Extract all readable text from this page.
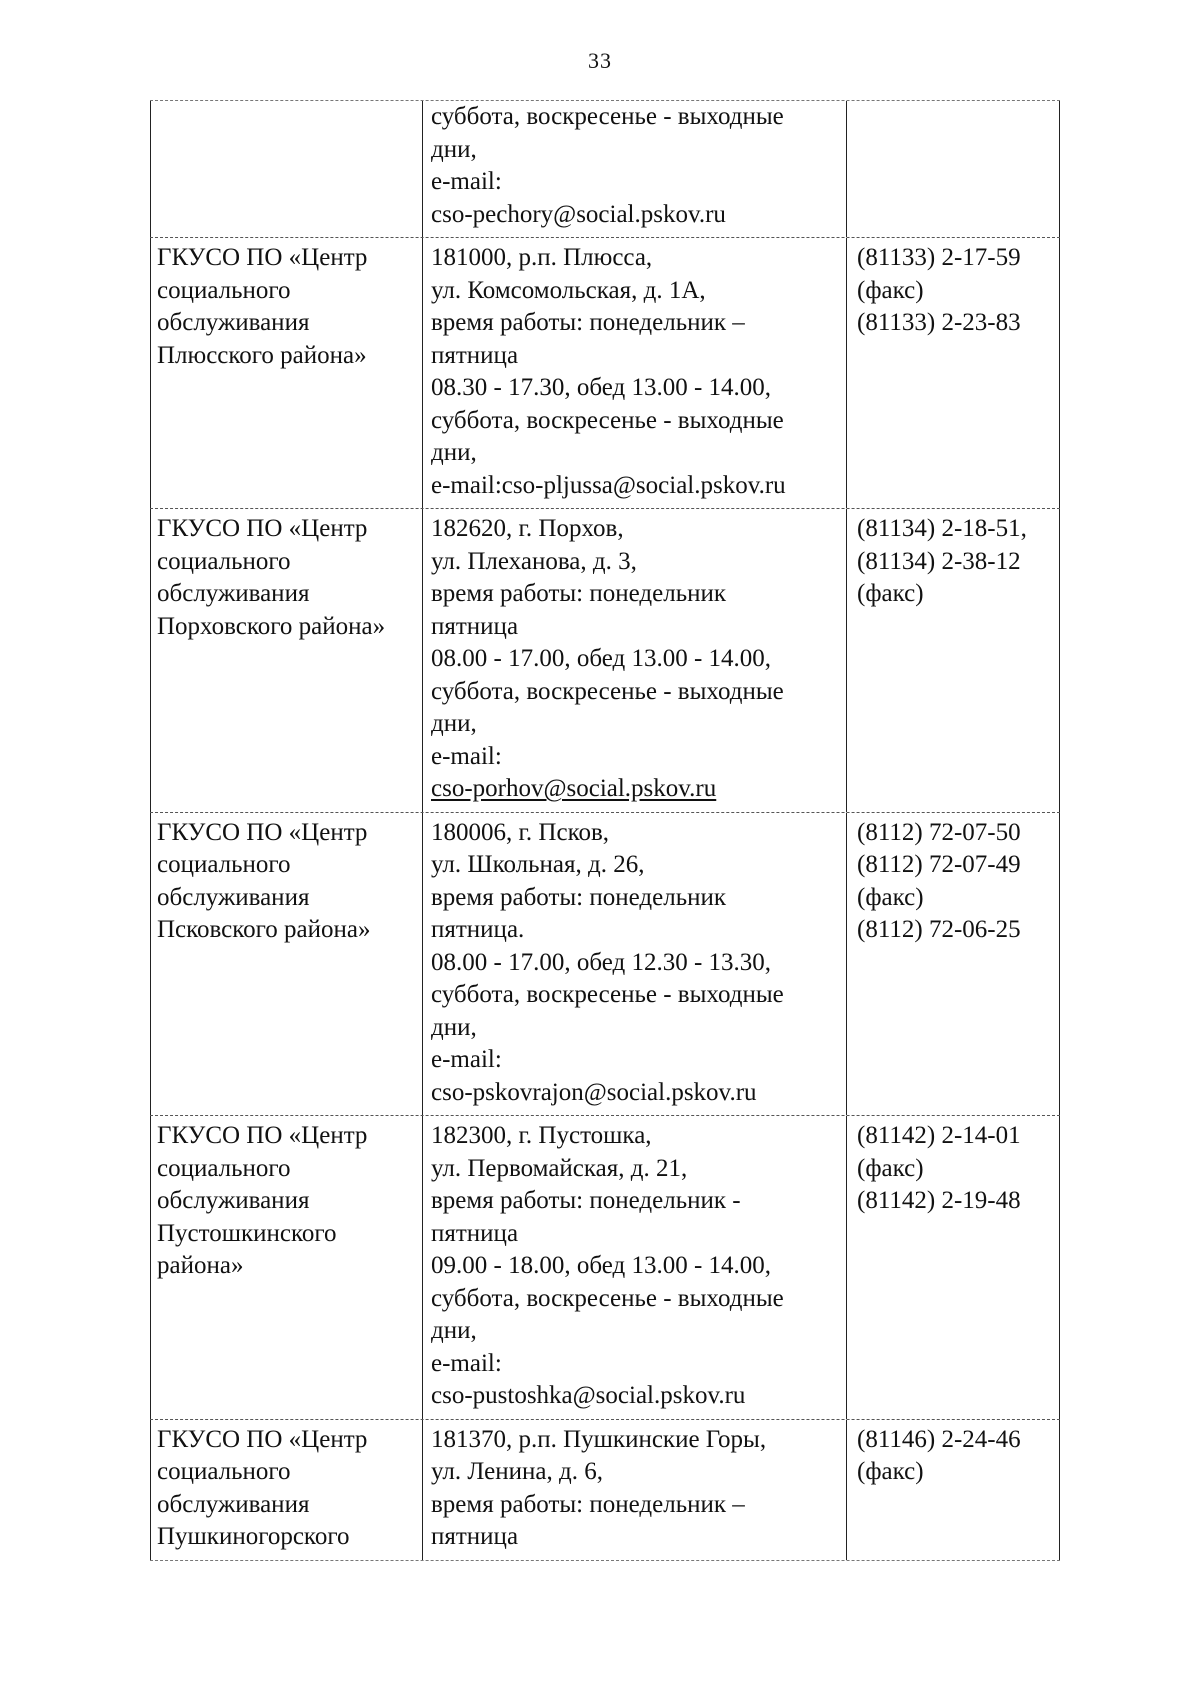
33
суббота, воскресенье - выходные
дни,
e-mail:
cso-pechory@social.pskov.ru
ГКУСО ПО «Центр
социального
обслуживания
Плюсского района»
181000, р.п. Плюсса,
ул. Комсомольская, д. 1А,
время работы: понедельник –
пятница
08.30 - 17.30, обед 13.00 - 14.00,
суббота, воскресенье - выходные
дни,
e-mail:cso-pljussa@social.pskov.ru
(81133) 2-17-59
(факс)
(81133) 2-23-83
ГКУСО ПО «Центр
социального
обслуживания
Порховского района»
182620, г. Порхов,
ул. Плеханова, д. 3,
время работы: понедельник
пятница
08.00 - 17.00, обед 13.00 - 14.00,
суббота, воскресенье - выходные
дни,
e-mail:
cso-porhov@social.pskov.ru
(81134) 2-18-51,
(81134) 2-38-12
(факс)
ГКУСО ПО «Центр
социального
обслуживания
Псковского района»
180006, г. Псков,
ул. Школьная, д. 26,
время работы: понедельник
пятница.
08.00 - 17.00, обед 12.30 - 13.30,
суббота, воскресенье - выходные
дни,
e-mail:
cso-pskovrajon@social.pskov.ru
(8112) 72-07-50
(8112) 72-07-49
(факс)
(8112) 72-06-25
ГКУСО ПО «Центр
социального
обслуживания
Пустошкинского
района»
182300, г. Пустошка,
ул. Первомайская, д. 21,
время работы: понедельник -
пятница
09.00 - 18.00, обед 13.00 - 14.00,
суббота, воскресенье - выходные
дни,
e-mail:
cso-pustoshka@social.pskov.ru
(81142) 2-14-01
(факс)
(81142) 2-19-48
ГКУСО ПО «Центр
социального
обслуживания
Пушкиногорского
181370, р.п. Пушкинские Горы,
ул. Ленина, д. 6,
время работы: понедельник –
пятница
(81146) 2-24-46
(факс)
